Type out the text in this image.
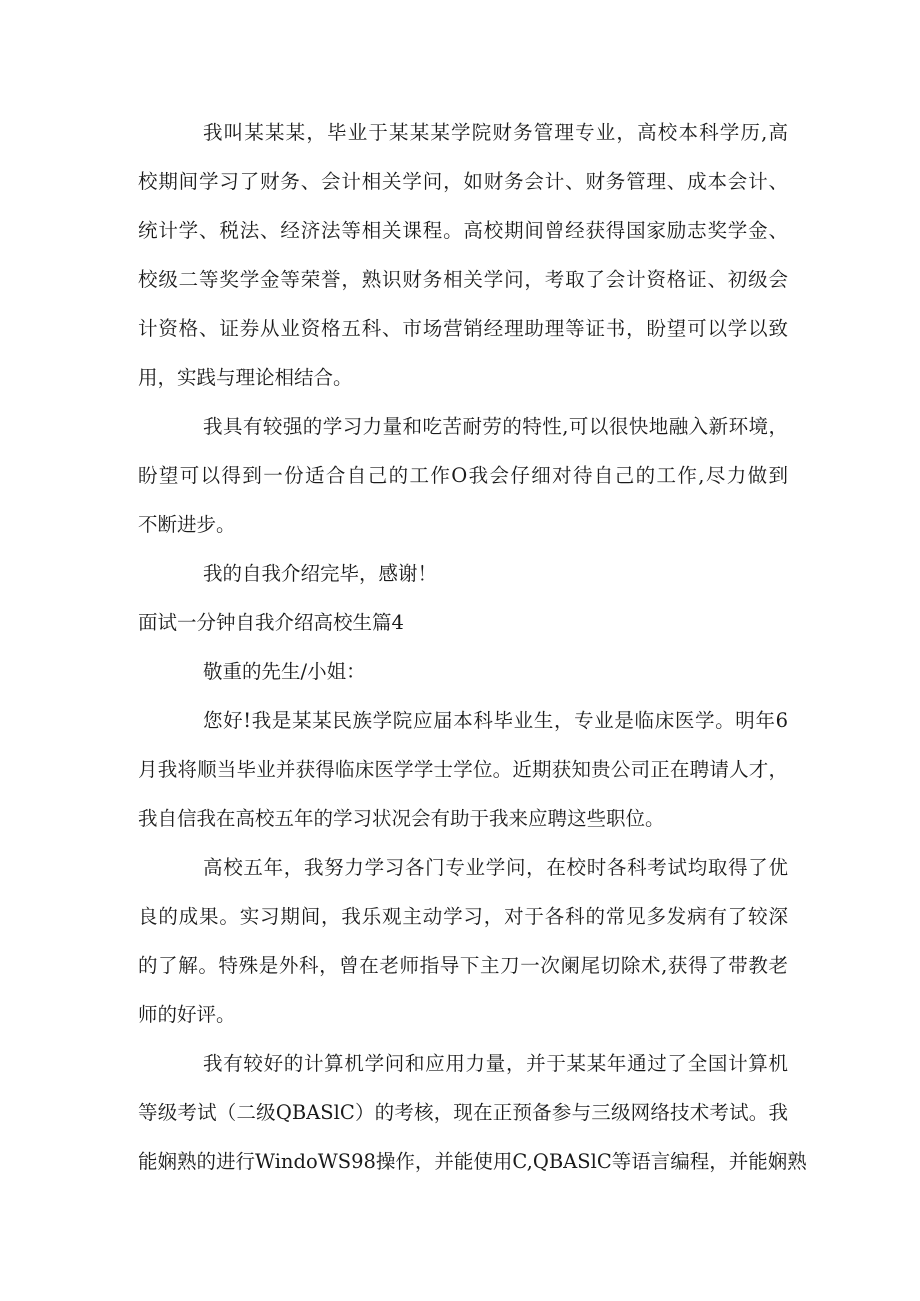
我叫某某某，毕业于某某某学院财务管理专业，高校本科学历,高
校期间学习了财务、会计相关学问，如财务会计、财务管理、成本会计、
统计学、税法、经济法等相关课程。高校期间曾经获得国家励志奖学金、
校级二等奖学金等荣誉，熟识财务相关学问，考取了会计资格证、初级会
计资格、证券从业资格五科、市场营销经理助理等证书，盼望可以学以致
用，实践与理论相结合。
我具有较强的学习力量和吃苦耐劳的特性,可以很快地融入新环境，
盼望可以得到一份适合自己的工作O我会仔细对待自己的工作,尽力做到
不断进步。
我的自我介绍完毕，感谢！
面试一分钟自我介绍高校生篇4
敬重的先生/小姐：
您好!我是某某民族学院应届本科毕业生，专业是临床医学。明年6
月我将顺当毕业并获得临床医学学士学位。近期获知贵公司正在聘请人才，
我自信我在高校五年的学习状况会有助于我来应聘这些职位。
高校五年，我努力学习各门专业学问，在校时各科考试均取得了优
良的成果。实习期间，我乐观主动学习，对于各科的常见多发病有了较深
的了解。特殊是外科，曾在老师指导下主刀一次阑尾切除术,获得了带教老
师的好评。
我有较好的计算机学问和应用力量，并于某某年通过了全国计算机
等级考试（二级QBASlC）的考核，现在正预备参与三级网络技术考试。我
能娴熟的进行WindoWS98操作，并能使用C,QBASlC等语言编程，并能娴熟
